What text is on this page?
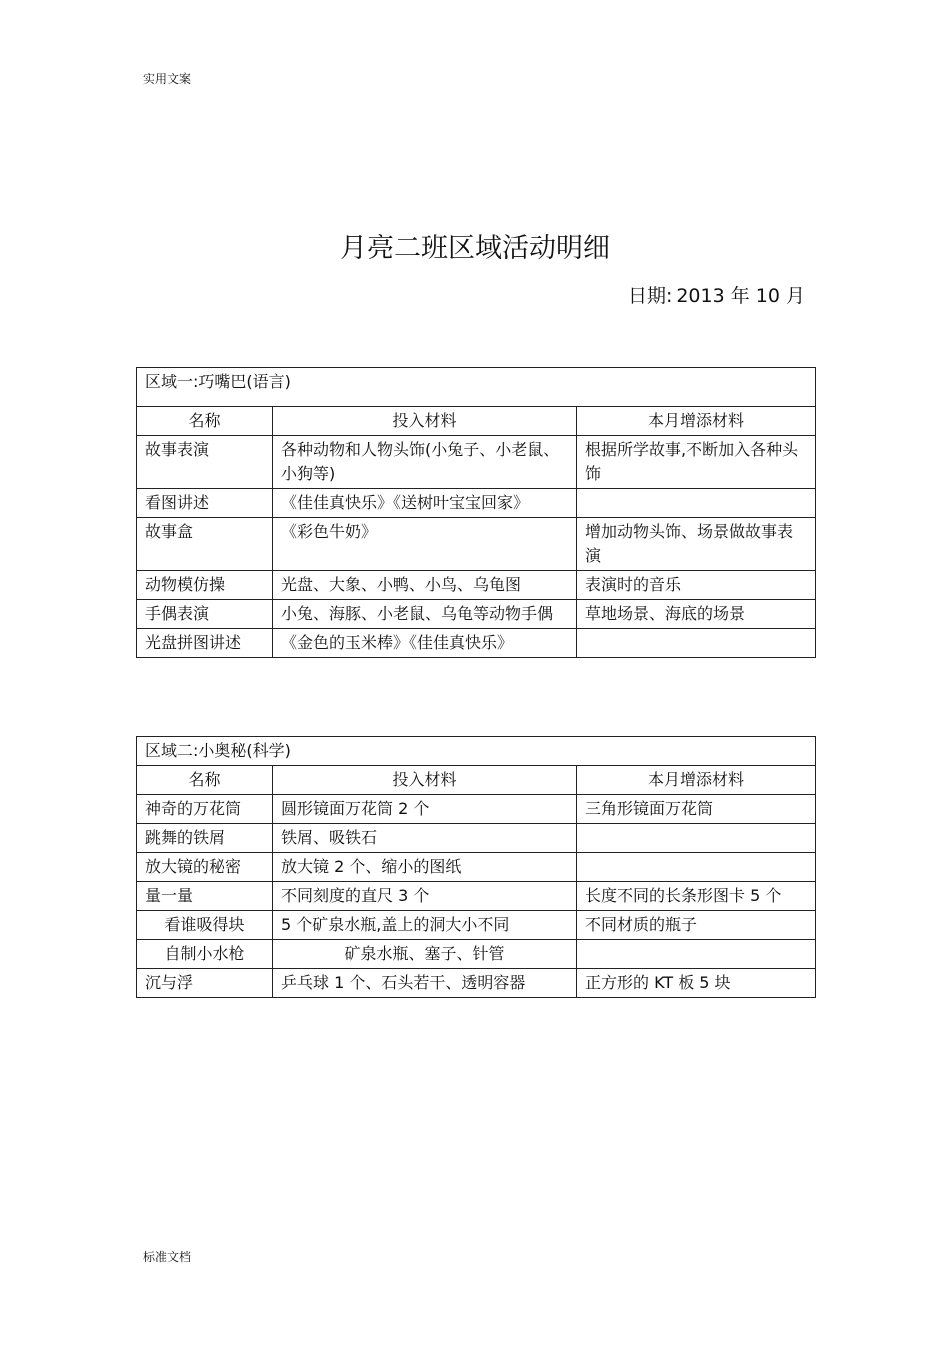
实用文案
月亮二班区域活动明细
日期: 2013 年 10 月
区域一:巧嘴巴(语言)		
名称	投入材料	本月增添材料
故事表演	各种动物和人物头饰(小兔子、小老鼠、小狗等)	根据所学故事,不断加入各种头饰
看图讲述	《佳佳真快乐》《送树叶宝宝回家》	
故事盒	《彩色牛奶》	增加动物头饰、场景做故事表演
动物模仿操	光盘、大象、小鸭、小鸟、乌龟图	表演时的音乐
手偶表演	小兔、海豚、小老鼠、乌龟等动物手偶	草地场景、海底的场景
光盘拼图讲述	《金色的玉米棒》《佳佳真快乐》	
区域二:小奥秘(科学)		
名称	投入材料	本月增添材料
神奇的万花筒	圆形镜面万花筒 2 个	三角形镜面万花筒
跳舞的铁屑	铁屑、吸铁石	
放大镜的秘密	放大镜 2 个、缩小的图纸	
量一量	不同刻度的直尺 3 个	长度不同的长条形图卡 5 个
看谁吸得块	5 个矿泉水瓶,盖上的洞大小不同	不同材质的瓶子
自制小水枪	矿泉水瓶、塞子、针管	
沉与浮	乒乓球 1 个、石头若干、透明容器	正方形的 KT 板 5 块
标准文档
